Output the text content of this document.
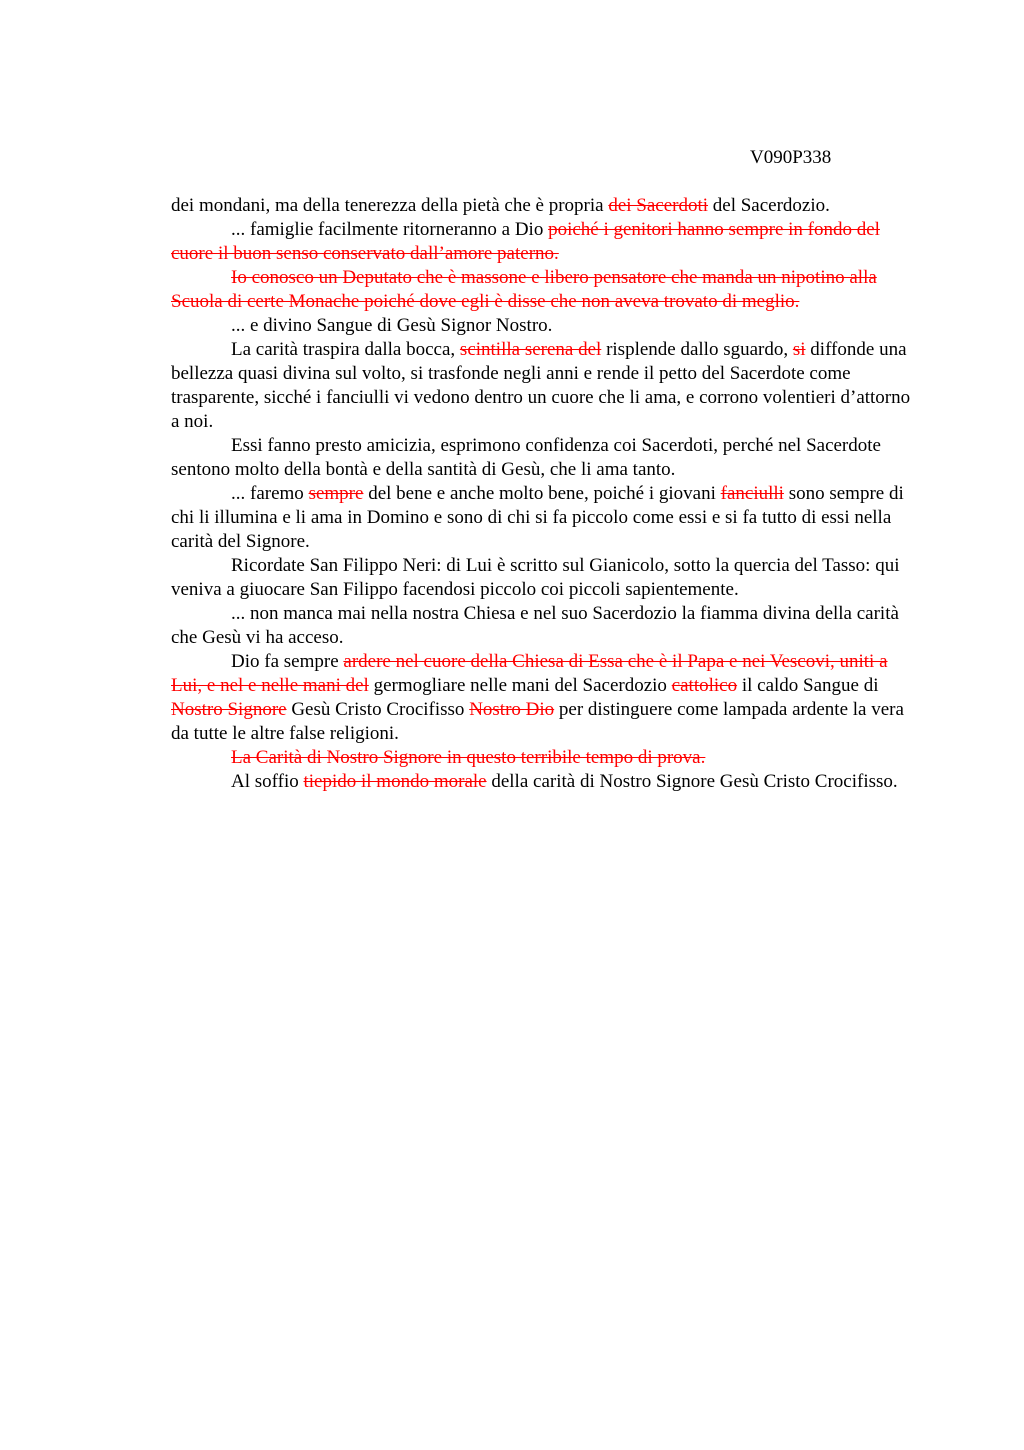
V090P338

dei mondani, ma della tenerezza della pietà che è propria dei Sacerdoti del Sacerdozio.

... famiglie facilmente ritorneranno a Dio poiché i genitori hanno sempre in fondo del cuore il buon senso conservato dall’amore paterno.

Io conosco un Deputato che è massone e libero pensatore che manda un nipotino alla Scuola di certe Monache poiché dove egli è disse che non aveva trovato di meglio.

... e divino Sangue di Gesù Signor Nostro.

La carità traspira dalla bocca, scintilla serena del risplende dallo sguardo, si diffonde una bellezza quasi divina sul volto, si trasfonde negli anni e rende il petto del Sacerdote come trasparente, sicché i fanciulli vi vedono dentro un cuore che li ama, e corrono volentieri d’attorno a noi.

Essi fanno presto amicizia, esprimono confidenza coi Sacerdoti, perché nel Sacerdote sentono molto della bontà e della santità di Gesù, che li ama tanto.

... faremo sempre del bene e anche molto bene, poiché i giovani fanciulli sono sempre di chi li illumina e li ama in Domino e sono di chi si fa piccolo come essi e si fa tutto di essi nella carità del Signore.

Ricordate San Filippo Neri: di Lui è scritto sul Gianicolo, sotto la quercia del Tasso: qui veniva a giuocare San Filippo facendosi piccolo coi piccoli sapientemente.

... non manca mai nella nostra Chiesa e nel suo Sacerdozio la fiamma divina della carità che Gesù vi ha acceso.

Dio fa sempre ardere nel cuore della Chiesa di Essa che è il Papa e nei Vescovi, uniti a Lui, e nel e nelle mani del germogliare nelle mani del Sacerdozio cattolico il caldo Sangue di Nostro Signore Gesù Cristo Crocifisso Nostro Dio per distinguere come lampada ardente la vera da tutte le altre false religioni.

La Carità di Nostro Signore in questo terribile tempo di prova.

Al soffio tiepido il mondo morale della carità di Nostro Signore Gesù Cristo Crocifisso.
